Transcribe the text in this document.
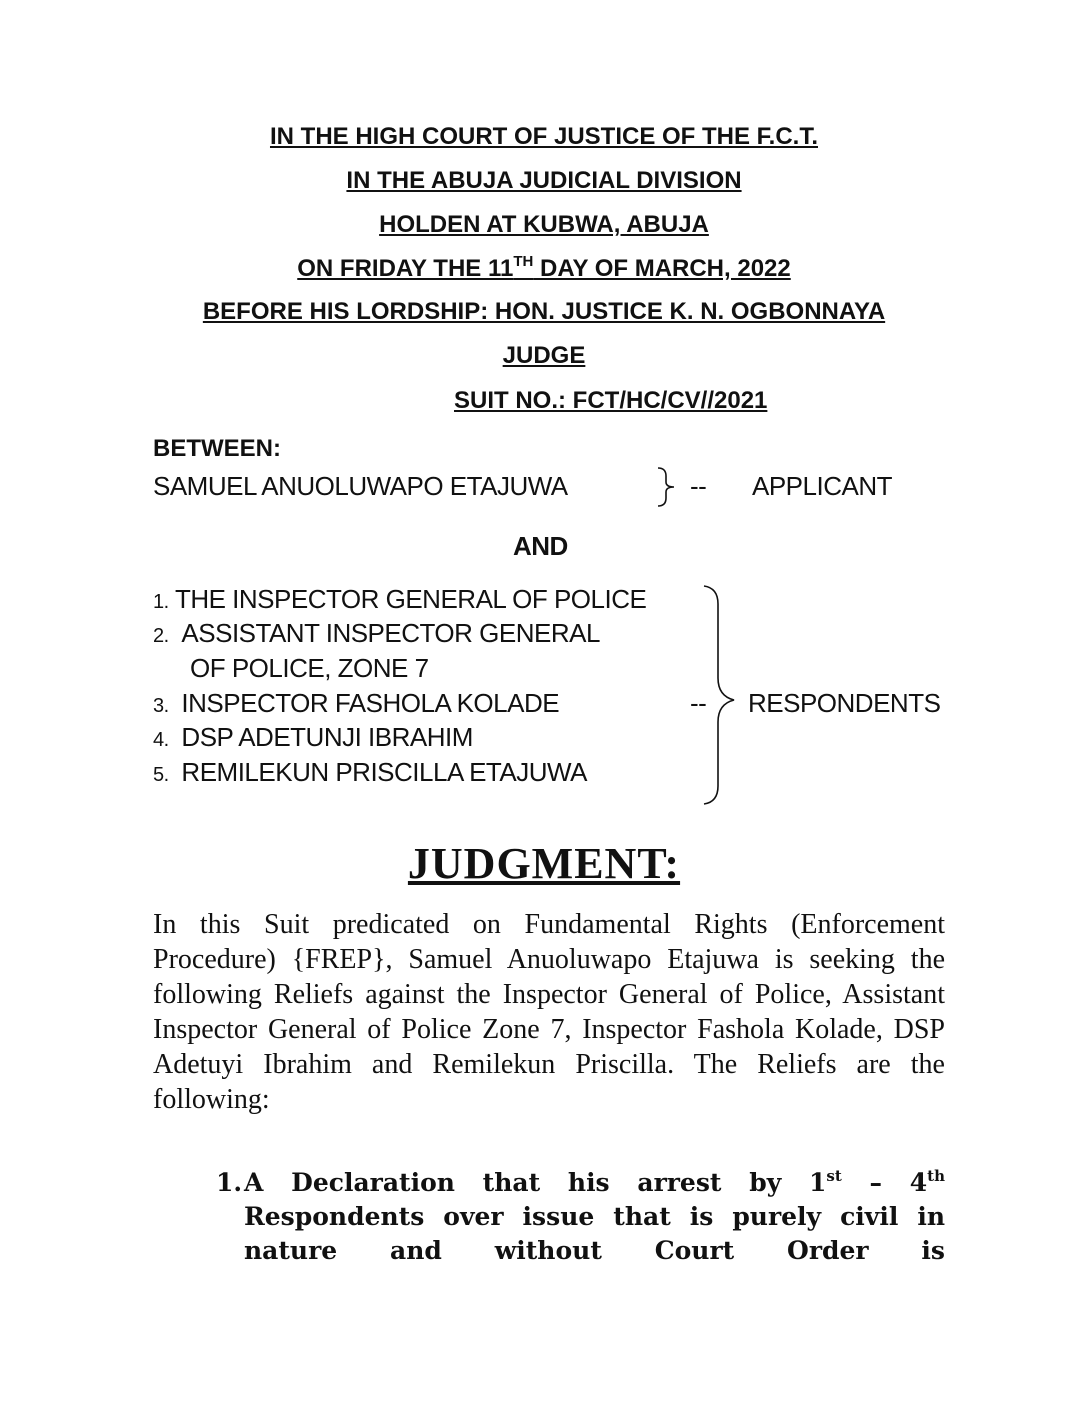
IN THE HIGH COURT OF JUSTICE OF THE F.C.T.
IN THE ABUJA JUDICIAL DIVISION
HOLDEN AT KUBWA, ABUJA
ON FRIDAY THE 11TH DAY OF MARCH, 2022
BEFORE HIS LORDSHIP: HON. JUSTICE K. N. OGBONNAYA
JUDGE
SUIT NO.: FCT/HC/CV//2021
BETWEEN:
SAMUEL ANUOLUWAPO ETAJUWA	-- APPLICANT
AND
1. THE INSPECTOR GENERAL OF POLICE
2. ASSISTANT INSPECTOR GENERAL
OF POLICE, ZONE 7
3. INSPECTOR FASHOLA KOLADE
4. DSP ADETUNJI IBRAHIM
5. REMILEKUN PRISCILLA ETAJUWA
-- RESPONDENTS
JUDGMENT:
In this Suit predicated on Fundamental Rights (Enforcement Procedure) {FREP}, Samuel Anuoluwapo Etajuwa is seeking the following Reliefs against the Inspector General of Police, Assistant Inspector General of Police Zone 7, Inspector Fashola Kolade, DSP Adetuyi Ibrahim and Remilekun Priscilla. The Reliefs are the following:
1. A Declaration that his arrest by 1st – 4th
Respondents over issue that is purely civil in
nature and without Court Order is
